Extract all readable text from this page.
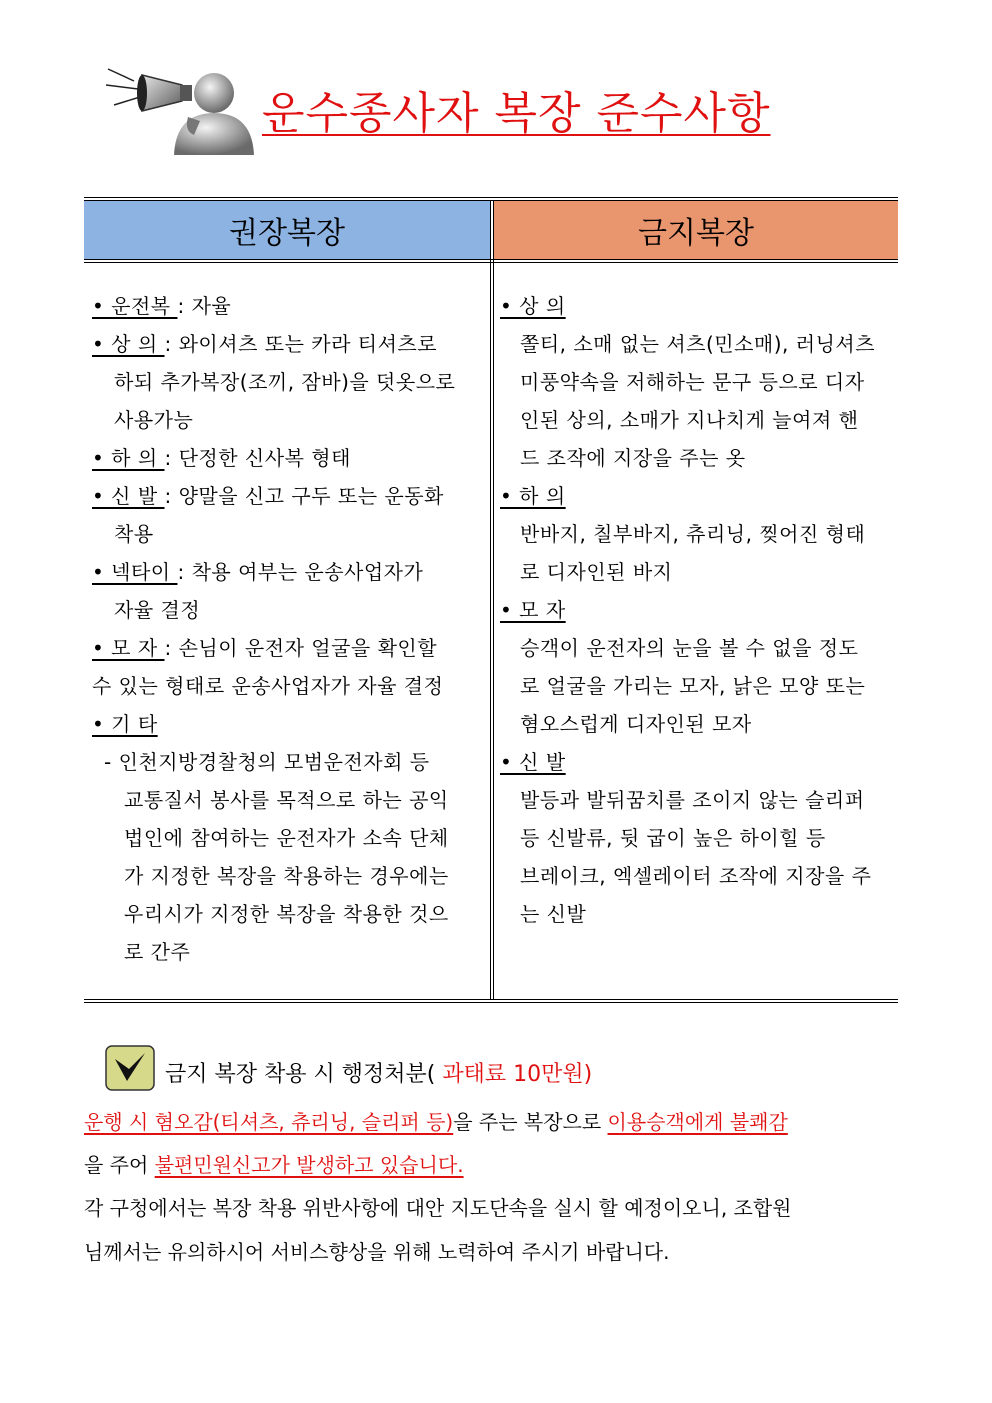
운수종사자 복장 준수사항
권장복장	금지복장
• 운전복 : 자율
• 상 의 : 와이셔츠 또는 카라 티셔츠로
하되 추가복장(조끼, 잠바)을 덧옷으로
사용가능
• 하 의 : 단정한 신사복 형태
• 신 발 : 양말을 신고 구두 또는 운동화
착용
• 넥타이 : 착용 여부는 운송사업자가
자율 결정
• 모 자 : 손님이 운전자 얼굴을 확인할
수 있는 형태로 운송사업자가 자율 결정
• 기 타
- 인천지방경찰청의 모범운전자회 등
교통질서 봉사를 목적으로 하는 공익
법인에 참여하는 운전자가 소속 단체
가 지정한 복장을 착용하는 경우에는
우리시가 지정한 복장을 착용한 것으
로 간주
• 상 의
쫄티, 소매 없는 셔츠(민소매), 러닝셔츠
미풍약속을 저해하는 문구 등으로 디자
인된 상의, 소매가 지나치게 늘여져 핸
드 조작에 지장을 주는 옷
• 하 의
반바지, 칠부바지, 츄리닝, 찢어진 형태
로 디자인된 바지
• 모 자
승객이 운전자의 눈을 볼 수 없을 정도
로 얼굴을 가리는 모자, 낡은 모양 또는
혐오스럽게 디자인된 모자
• 신 발
발등과 발뒤꿈치를 조이지 않는 슬리퍼
등 신발류, 뒷 굽이 높은 하이힐 등
브레이크, 엑셀레이터 조작에 지장을 주
는 신발
금지 복장 착용 시 행정처분( 과태료 10만원)
운행 시 혐오감(티셔츠, 츄리닝, 슬리퍼 등)을 주는 복장으로 이용승객에게 불쾌감
을 주어 불편민원신고가 발생하고 있습니다.
각 구청에서는 복장 착용 위반사항에 대안 지도단속을 실시 할 예정이오니, 조합원
님께서는 유의하시어 서비스향상을 위해 노력하여 주시기 바랍니다.
